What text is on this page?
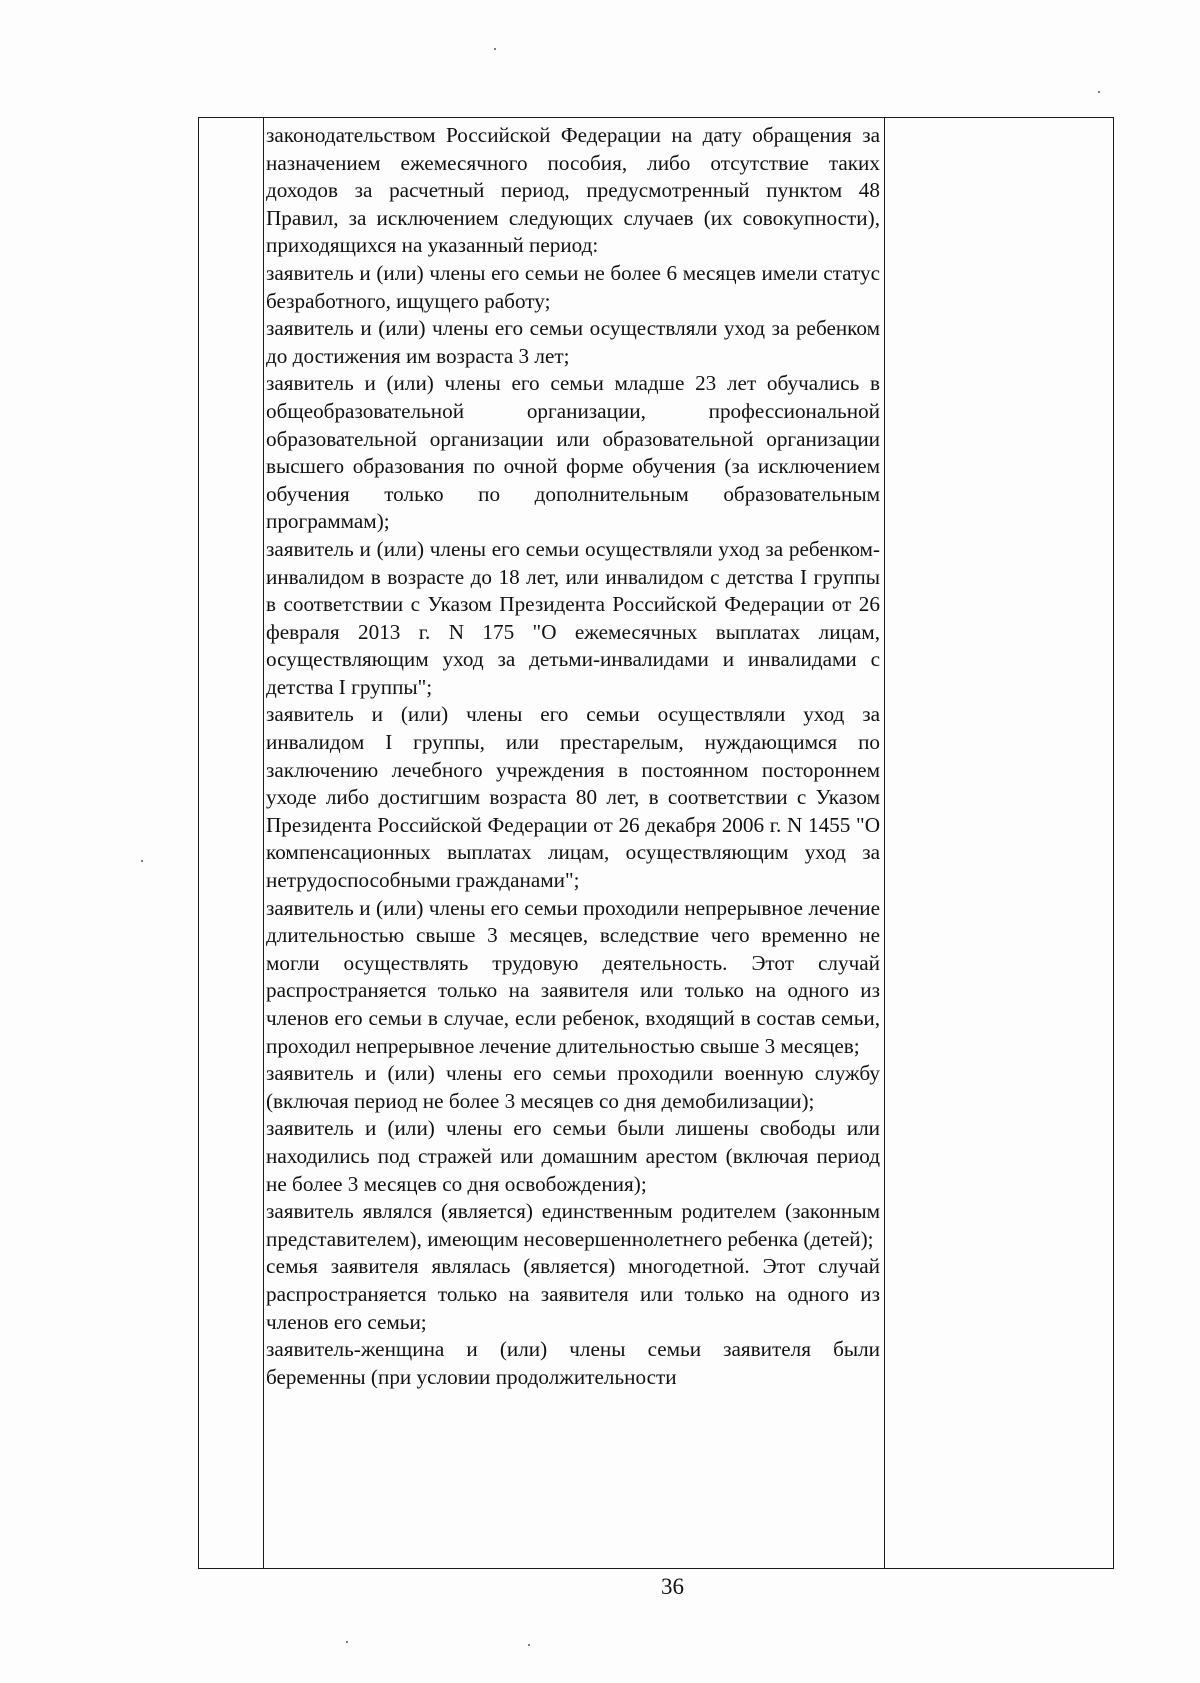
законодательством Российской Федерации на дату обращения за назначением ежемесячного пособия, либо отсутствие таких доходов за расчетный период, предусмотренный пунктом 48 Правил, за исключением следующих случаев (их совокупности), приходящихся на указанный период:

заявитель и (или) члены его семьи не более 6 месяцев имели статус безработного, ищущего работу;

заявитель и (или) члены его семьи осуществляли уход за ребенком до достижения им возраста 3 лет;

заявитель и (или) члены его семьи младше 23 лет обучались в общеобразовательной организации, профессиональной образовательной организации или образовательной организации высшего образования по очной форме обучения (за исключением обучения только по дополнительным образовательным программам);

заявитель и (или) члены его семьи осуществляли уход за ребенком-инвалидом в возрасте до 18 лет, или инвалидом с детства I группы в соответствии с Указом Президента Российской Федерации от 26 февраля 2013 г. N 175 "О ежемесячных выплатах лицам, осуществляющим уход за детьми-инвалидами и инвалидами с детства I группы";

заявитель и (или) члены его семьи осуществляли уход за инвалидом I группы, или престарелым, нуждающимся по заключению лечебного учреждения в постоянном постороннем уходе либо достигшим возраста 80 лет, в соответствии с Указом Президента Российской Федерации от 26 декабря 2006 г. N 1455 "О компенсационных выплатах лицам, осуществляющим уход за нетрудоспособными гражданами";

заявитель и (или) члены его семьи проходили непрерывное лечение длительностью свыше 3 месяцев, вследствие чего временно не могли осуществлять трудовую деятельность. Этот случай распространяется только на заявителя или только на одного из членов его семьи в случае, если ребенок, входящий в состав семьи, проходил непрерывное лечение длительностью свыше 3 месяцев;

заявитель и (или) члены его семьи проходили военную службу (включая период не более 3 месяцев со дня демобилизации);

заявитель и (или) члены его семьи были лишены свободы или находились под стражей или домашним арестом (включая период не более 3 месяцев со дня освобождения);

заявитель являлся (является) единственным родителем (законным представителем), имеющим несовершеннолетнего ребенка (детей);

семья заявителя являлась (является) многодетной. Этот случай распространяется только на заявителя или только на одного из членов его семьи;

заявитель-женщина и (или) члены семьи заявителя были беременны (при условии продолжительности

36
